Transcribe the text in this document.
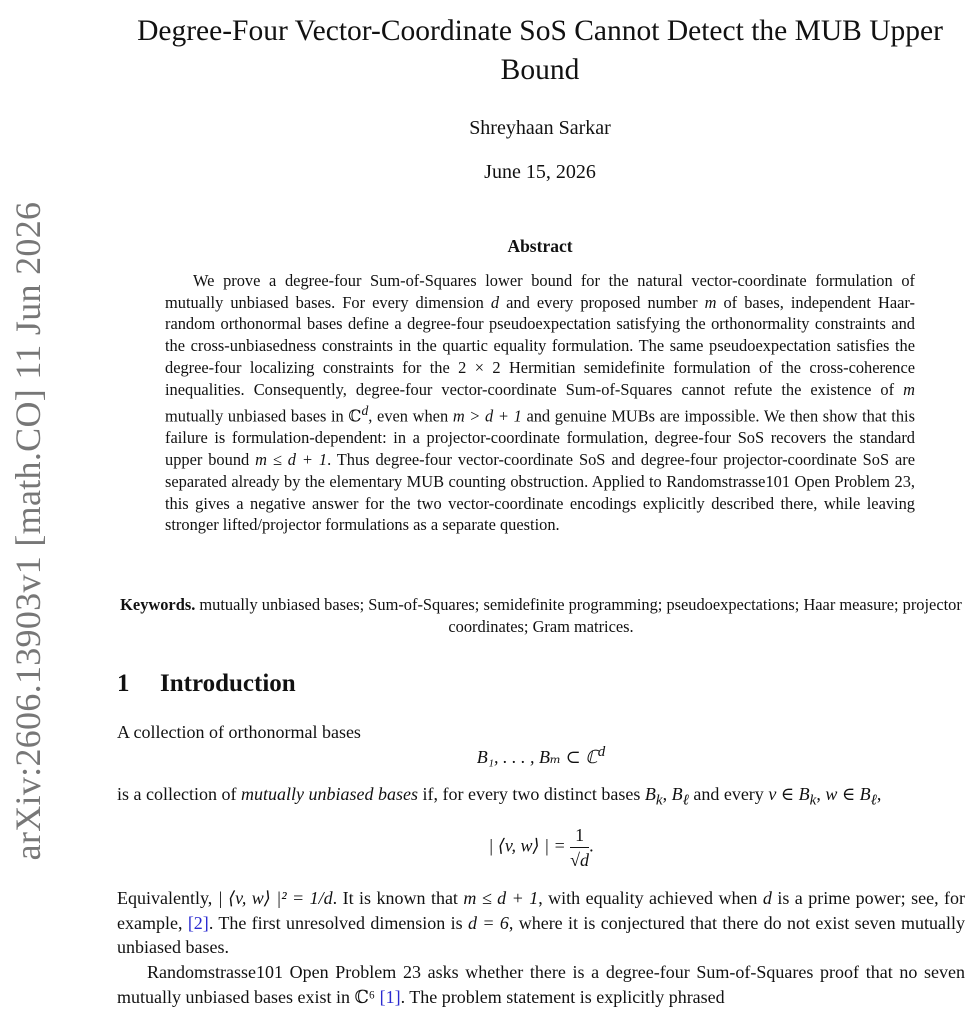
arXiv:2606.13903v1 [math.CO] 11 Jun 2026
Degree-Four Vector-Coordinate SoS Cannot Detect the MUB Upper Bound
Shreyhaan Sarkar
June 15, 2026
Abstract

We prove a degree-four Sum-of-Squares lower bound for the natural vector-coordinate formulation of mutually unbiased bases. For every dimension d and every proposed number m of bases, independent Haar-random orthonormal bases define a degree-four pseudoexpectation satisfying the orthonormality constraints and the cross-unbiasedness constraints in the quartic equality formulation. The same pseudoexpectation satisfies the degree-four localizing constraints for the 2 × 2 Hermitian semidefinite formulation of the cross-coherence inequalities. Consequently, degree-four vector-coordinate Sum-of-Squares cannot refute the existence of m mutually unbiased bases in ℂ$^d$, even when m > d + 1 and genuine MUBs are impossible. We then show that this failure is formulation-dependent: in a projector-coordinate formulation, degree-four SoS recovers the standard upper bound m ≤ d + 1. Thus degree-four vector-coordinate SoS and degree-four projector-coordinate SoS are separated already by the elementary MUB counting obstruction. Applied to Randomstrasse101 Open Problem 23, this gives a negative answer for the two vector-coordinate encodings explicitly described there, while leaving stronger lifted/projector formulations as a separate question.

Keywords. mutually unbiased bases; Sum-of-Squares; semidefinite programming; pseudoexpectations; Haar measure; projector coordinates; Gram matrices.

1 Introduction

A collection of orthonormal bases

B₁, . . . , Bₘ ⊂ ℂ$^d$

is a collection of mutually unbiased bases if, for every two distinct bases $B_k$, $B_\ell$ and every v ∈ $B_k$, w ∈ $B_\ell$,

| ⟨v, w⟩ | = $\frac{1}{√d}$ .

Equivalently, | ⟨v, w⟩ |² = 1/d. It is known that m ≤ d + 1, with equality achieved when d is a prime power; see, for example, [2]. The first unresolved dimension is d = 6, where it is conjectured that there do not exist seven mutually unbiased bases.

Randomstrasse101 Open Problem 23 asks whether there is a degree-four Sum-of-Squares proof that no seven mutually unbiased bases exist in ℂ⁶ [1]. The problem statement is explicitly phrased
